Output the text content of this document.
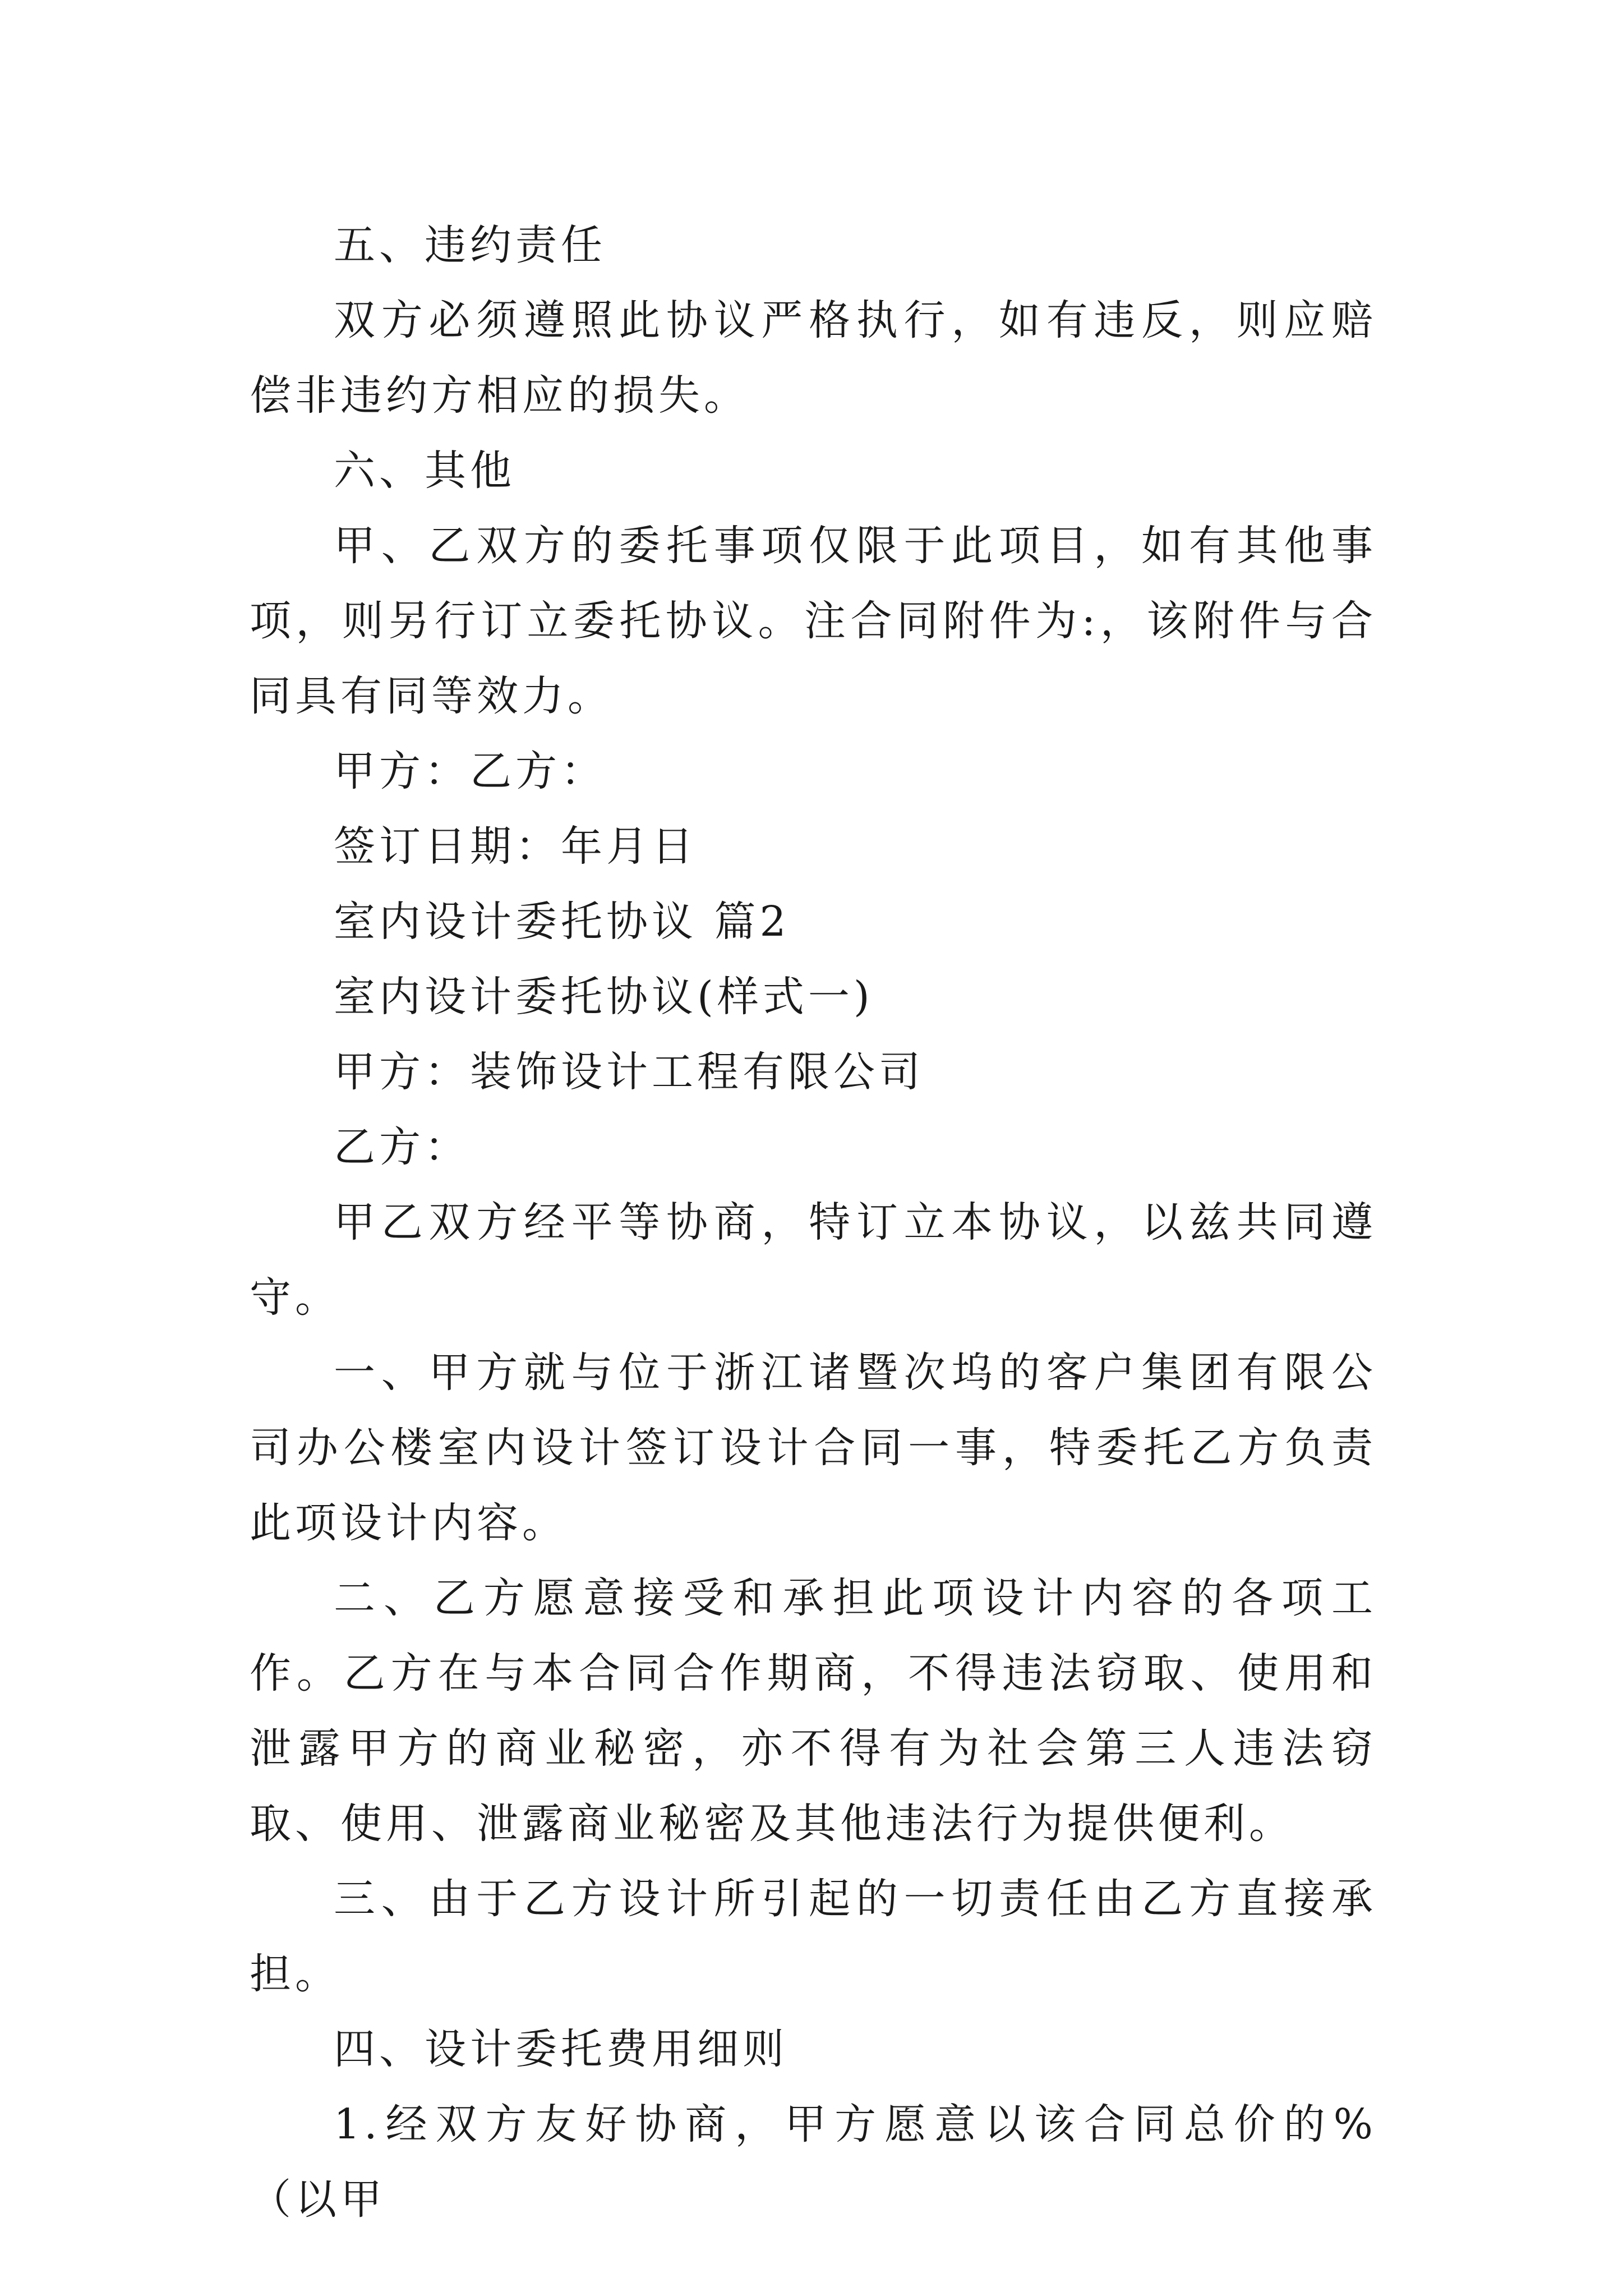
五、违约责任

双方必须遵照此协议严格执行，如有违反，则应赔偿非违约方相应的损失。

六、其他

甲、乙双方的委托事项仅限于此项目，如有其他事项，则另行订立委托协议。注合同附件为:，该附件与合同具有同等效力。

甲方：乙方：

签订日期：年月日

室内设计委托协议 篇2

室内设计委托协议(样式一)

甲方：装饰设计工程有限公司

乙方：

甲乙双方经平等协商，特订立本协议，以兹共同遵守。

一、甲方就与位于浙江诸暨次坞的客户集团有限公司办公楼室内设计签订设计合同一事，特委托乙方负责此项设计内容。

二、乙方愿意接受和承担此项设计内容的各项工作。乙方在与本合同合作期商，不得违法窃取、使用和泄露甲方的商业秘密，亦不得有为社会第三人违法窃取、使用、泄露商业秘密及其他违法行为提供便利。

三、由于乙方设计所引起的一切责任由乙方直接承担。

四、设计委托费用细则

1.经双方友好协商，甲方愿意以该合同总价的%（以甲
